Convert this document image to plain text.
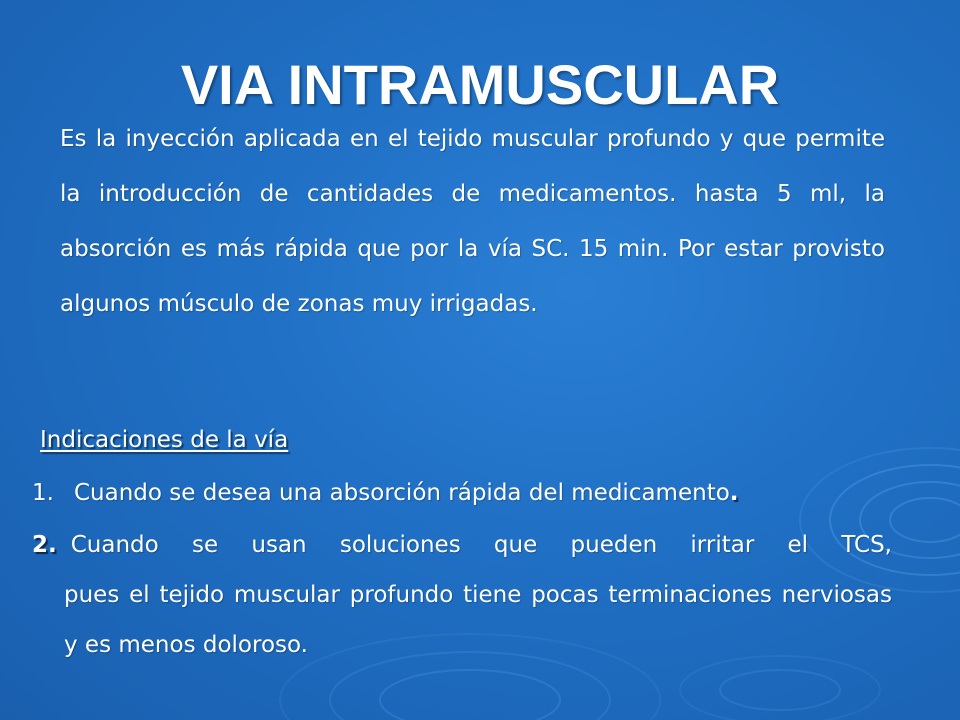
VIA INTRAMUSCULAR

Es la inyección aplicada en el tejido muscular profundo y que permite la introducción de cantidades de medicamentos. hasta 5 ml, la absorción es más rápida que por la vía SC. 15 min. Por estar provisto algunos músculo de zonas muy irrigadas.

Indicaciones de la vía

1. Cuando se desea una absorción rápida del medicamento.
2. Cuando se usan soluciones que pueden irritar el TCS,
pues el tejido muscular profundo tiene pocas terminaciones nerviosas y es menos doloroso.
